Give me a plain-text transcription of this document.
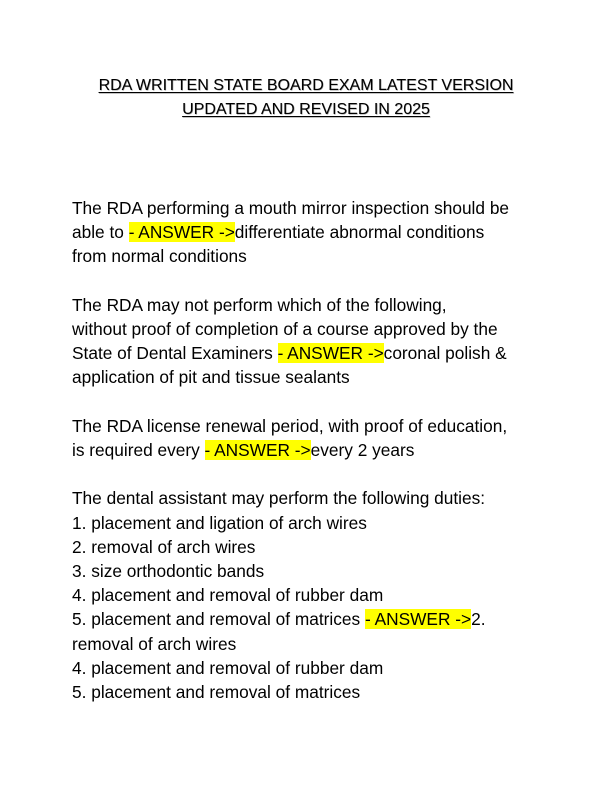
RDA WRITTEN STATE BOARD EXAM LATEST VERSION
UPDATED AND REVISED IN 2025
The RDA performing a mouth mirror inspection should be
able to - ANSWER ->differentiate abnormal conditions
from normal conditions
The RDA may not perform which of the following,
without proof of completion of a course approved by the
State of Dental Examiners - ANSWER ->coronal polish &
application of pit and tissue sealants
The RDA license renewal period, with proof of education,
is required every - ANSWER ->every 2 years
The dental assistant may perform the following duties:
1. placement and ligation of arch wires
2. removal of arch wires
3. size orthodontic bands
4. placement and removal of rubber dam
5. placement and removal of matrices - ANSWER ->2.
removal of arch wires
4. placement and removal of rubber dam
5. placement and removal of matrices
